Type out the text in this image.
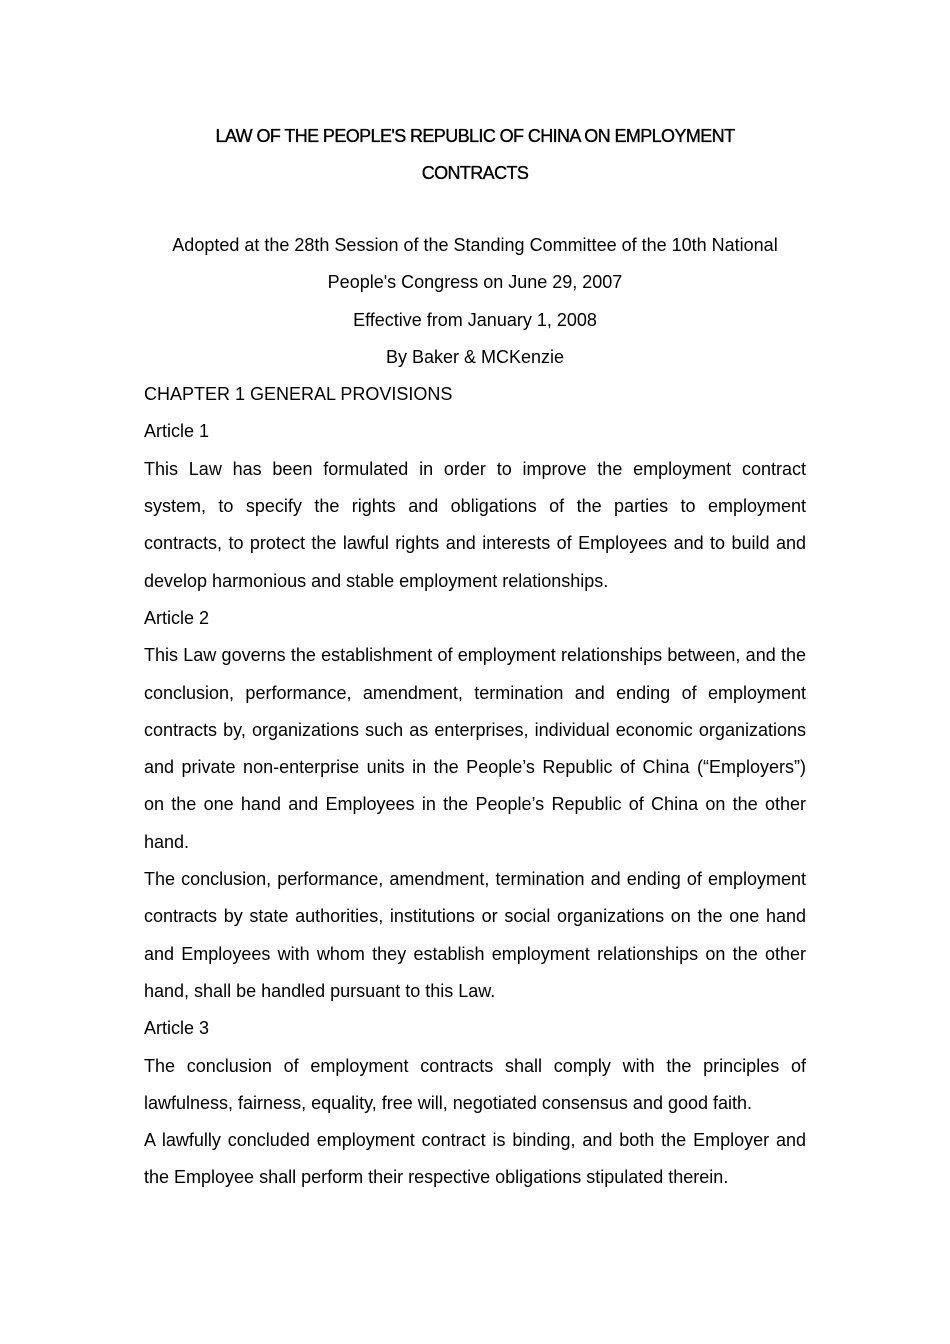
LAW OF THE PEOPLE'S REPUBLIC OF CHINA ON EMPLOYMENT

CONTRACTS

Adopted at the 28th Session of the Standing Committee of the 10th National

People's Congress on June 29, 2007

Effective from January 1, 2008

By Baker & MCKenzie

CHAPTER 1 GENERAL PROVISIONS

Article 1

This Law has been formulated in order to improve the employment contract system, to specify the rights and obligations of the parties to employment contracts, to protect the lawful rights and interests of Employees and to build and develop harmonious and stable employment relationships.

Article 2

This Law governs the establishment of employment relationships between, and the conclusion, performance, amendment, termination and ending of employment contracts by, organizations such as enterprises, individual economic organizations and private non-enterprise units in the People’s Republic of China (“Employers”) on the one hand and Employees in the People’s Republic of China on the other hand.

The conclusion, performance, amendment, termination and ending of employment contracts by state authorities, institutions or social organizations on the one hand and Employees with whom they establish employment relationships on the other hand, shall be handled pursuant to this Law.

Article 3

The conclusion of employment contracts shall comply with the principles of lawfulness, fairness, equality, free will, negotiated consensus and good faith.

A lawfully concluded employment contract is binding, and both the Employer and the Employee shall perform their respective obligations stipulated therein.
